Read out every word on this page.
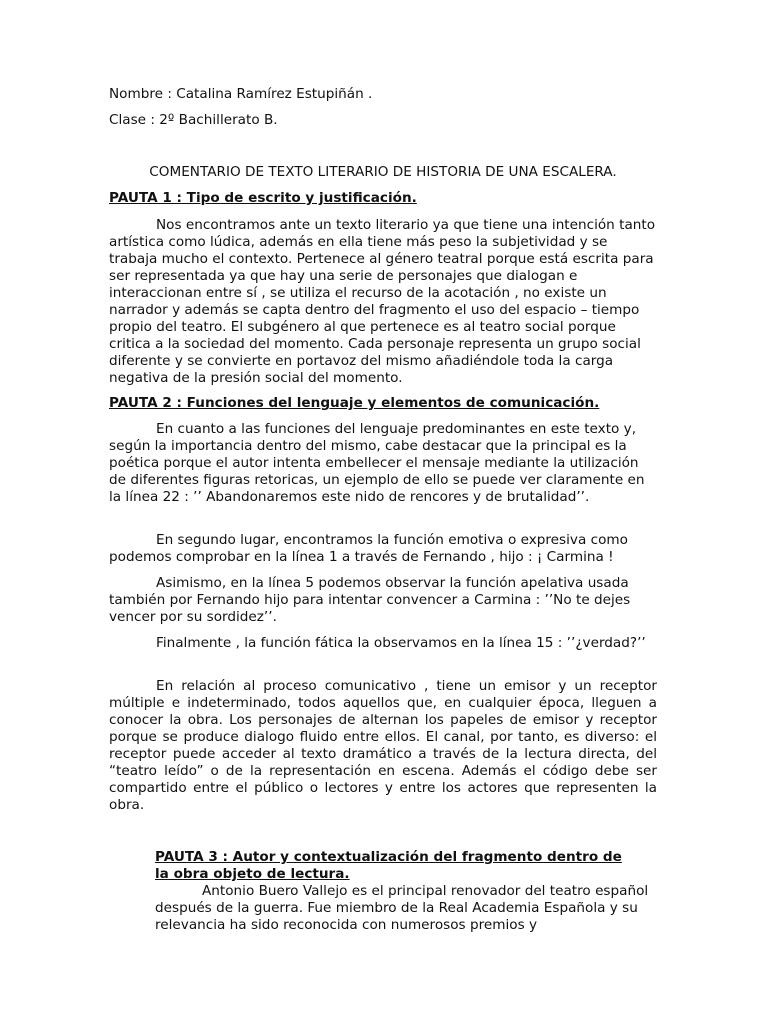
Nombre : Catalina Ramírez Estupiñán .
Clase : 2º Bachillerato B.
COMENTARIO DE TEXTO LITERARIO DE HISTORIA DE UNA ESCALERA.
PAUTA 1 : Tipo de escrito y justificación.

Nos encontramos ante un texto literario ya que tiene una intención tanto artística como lúdica, además en ella tiene más peso la subjetividad y se trabaja mucho el contexto. Pertenece al género teatral porque está escrita para ser representada ya que hay una serie de personajes que dialogan e interaccionan entre sí , se utiliza el recurso de la acotación , no existe un narrador y además se capta dentro del fragmento el uso del espacio – tiempo propio del teatro. El subgénero al que pertenece es al teatro social porque critica a la sociedad del momento. Cada personaje representa un grupo social diferente y se convierte en portavoz del mismo añadiéndole toda la carga negativa de la presión social del momento.

PAUTA 2 : Funciones del lenguaje y elementos de comunicación.

En cuanto a las funciones del lenguaje predominantes en este texto y, según la importancia dentro del mismo, cabe destacar que la principal es la poética porque el autor intenta embellecer el mensaje mediante la utilización de diferentes figuras retoricas, un ejemplo de ello se puede ver claramente en la línea 22 : ’’ Abandonaremos este nido de rencores y de brutalidad’’.

En segundo lugar, encontramos la función emotiva o expresiva como podemos comprobar en la línea 1 a través de Fernando , hijo : ¡ Carmina !

Asimismo, en la línea 5 podemos observar la función apelativa usada también por Fernando hijo para intentar convencer a Carmina : ’’No te dejes vencer por su sordidez’’.

Finalmente , la función fática la observamos en la línea 15 : ’’¿verdad?’’

En relación al proceso comunicativo , tiene un emisor y un receptor múltiple e indeterminado, todos aquellos que, en cualquier época, lleguen a conocer la obra. Los personajes de alternan los papeles de emisor y receptor porque se produce dialogo fluido entre ellos. El canal, por tanto, es diverso: el receptor puede acceder al texto dramático a través de la lectura directa, del “teatro leído” o de la representación en escena. Además el código debe ser compartido entre el público o lectores y entre los actores que representen la obra.

PAUTA 3 : Autor y contextualización del fragmento dentro de
la obra objeto de lectura.

Antonio Buero Vallejo es el principal renovador del teatro español después de la guerra. Fue miembro de la Real Academia Española y su relevancia ha sido reconocida con numerosos premios y
